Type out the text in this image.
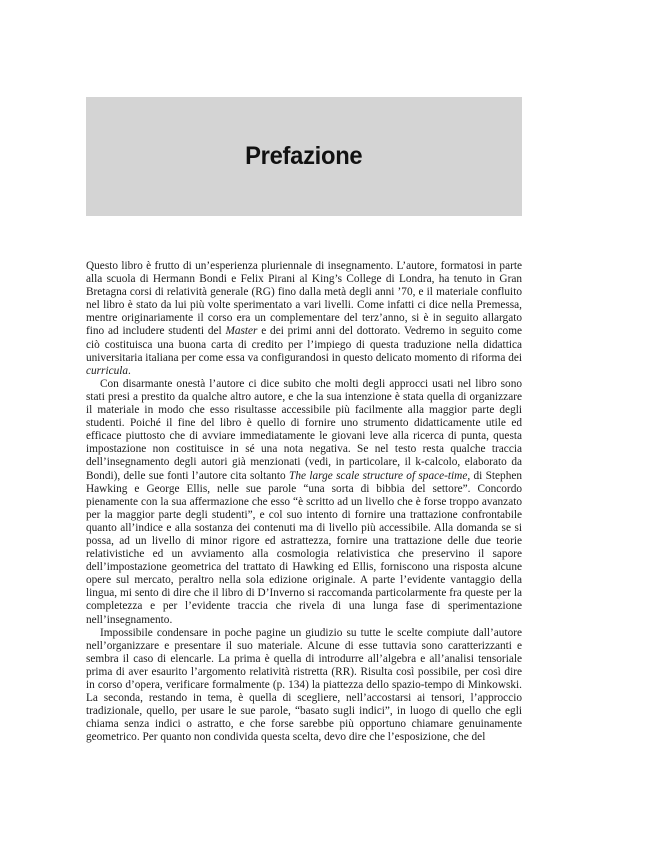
Prefazione

Questo libro è frutto di un’esperienza pluriennale di insegnamento. L’autore, formatosi in parte alla scuola di Hermann Bondi e Felix Pirani al King’s College di Londra, ha tenuto in Gran Bretagna corsi di relatività generale (RG) fino dalla metà degli anni ’70, e il materiale confluito nel libro è stato da lui più volte sperimentato a vari livelli. Come infatti ci dice nella Premessa, mentre originariamente il corso era un complementare del terz’anno, si è in seguito allargato fino ad includere studenti del Master e dei primi anni del dottorato. Vedremo in seguito come ciò costituisca una buona carta di credito per l’impiego di questa traduzione nella didattica universitaria italiana per come essa va configurandosi in questo delicato momento di riforma dei curricula.

Con disarmante onestà l’autore ci dice subito che molti degli approcci usati nel libro sono stati presi a prestito da qualche altro autore, e che la sua intenzione è stata quella di organizzare il materiale in modo che esso risultasse accessibile più facilmente alla maggior parte degli studenti. Poiché il fine del libro è quello di fornire uno strumento didatticamente utile ed efficace piuttosto che di avviare immediatamente le giovani leve alla ricerca di punta, questa impostazione non costituisce in sé una nota negativa. Se nel testo resta qualche traccia dell’insegnamento degli autori già menzionati (vedi, in particolare, il k-calcolo, elaborato da Bondi), delle sue fonti l’autore cita soltanto The large scale structure of space-time, di Stephen Hawking e George Ellis, nelle sue parole “una sorta di bibbia del settore”. Concordo pienamente con la sua affermazione che esso “è scritto ad un livello che è forse troppo avanzato per la maggior parte degli studenti”, e col suo intento di fornire una trattazione confrontabile quanto all’indice e alla sostanza dei contenuti ma di livello più accessibile. Alla domanda se si possa, ad un livello di minor rigore ed astrattezza, fornire una trattazione delle due teorie relativistiche ed un avviamento alla cosmologia relativistica che preservino il sapore dell’impostazione geometrica del trattato di Hawking ed Ellis, forniscono una risposta alcune opere sul mercato, peraltro nella sola edizione originale. A parte l’evidente vantaggio della lingua, mi sento di dire che il libro di D’Inverno si raccomanda particolarmente fra queste per la completezza e per l’evidente traccia che rivela di una lunga fase di sperimentazione nell’insegnamento.

Impossibile condensare in poche pagine un giudizio su tutte le scelte compiute dall’autore nell’organizzare e presentare il suo materiale. Alcune di esse tuttavia sono caratterizzanti e sembra il caso di elencarle. La prima è quella di introdurre all’algebra e all’analisi tensoriale prima di aver esaurito l’argomento relatività ristretta (RR). Risulta così possibile, per così dire in corso d’opera, verificare formalmente (p. 134) la piattezza dello spazio-tempo di Minkowski. La seconda, restando in tema, è quella di scegliere, nell’accostarsi ai tensori, l’approccio tradizionale, quello, per usare le sue parole, “basato sugli indici”, in luogo di quello che egli chiama senza indici o astratto, e che forse sarebbe più opportuno chiamare genuinamente geometrico. Per quanto non condivida questa scelta, devo dire che l’esposizione, che del
